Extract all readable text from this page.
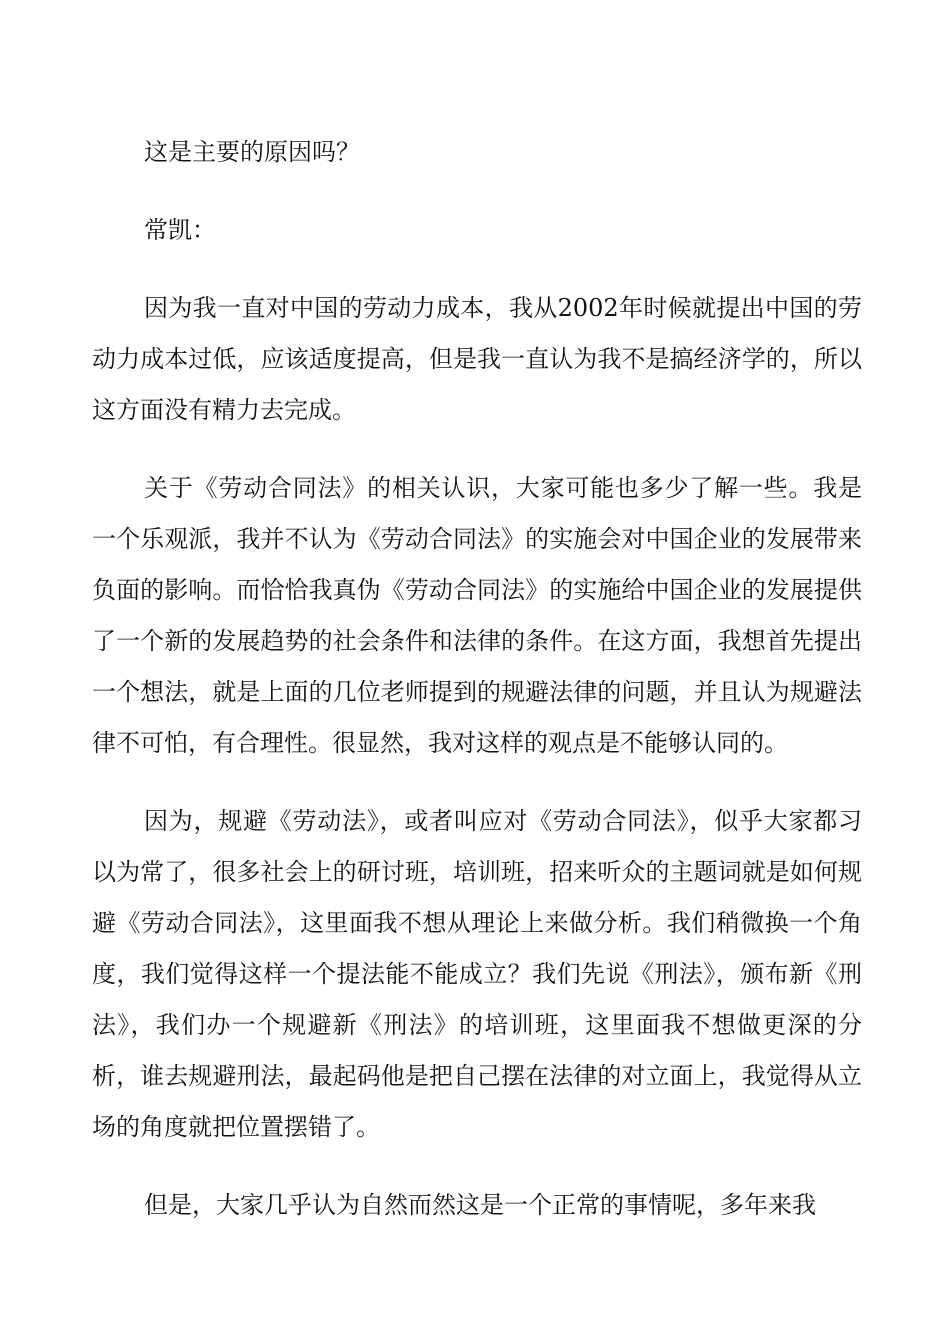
这是主要的原因吗？

常凯：

因为我一直对中国的劳动力成本，我从2002年时候就提出中国的劳动力成本过低，应该适度提高，但是我一直认为我不是搞经济学的，所以这方面没有精力去完成。

关于《劳动合同法》的相关认识，大家可能也多少了解一些。我是一个乐观派，我并不认为《劳动合同法》的实施会对中国企业的发展带来负面的影响。而恰恰我真伪《劳动合同法》的实施给中国企业的发展提供了一个新的发展趋势的社会条件和法律的条件。在这方面，我想首先提出一个想法，就是上面的几位老师提到的规避法律的问题，并且认为规避法律不可怕，有合理性。很显然，我对这样的观点是不能够认同的。

因为，规避《劳动法》，或者叫应对《劳动合同法》，似乎大家都习以为常了，很多社会上的研讨班，培训班，招来听众的主题词就是如何规避《劳动合同法》，这里面我不想从理论上来做分析。我们稍微换一个角度，我们觉得这样一个提法能不能成立？我们先说《刑法》，颁布新《刑法》，我们办一个规避新《刑法》的培训班，这里面我不想做更深的分析，谁去规避刑法，最起码他是把自己摆在法律的对立面上，我觉得从立场的角度就把位置摆错了。

但是，大家几乎认为自然而然这是一个正常的事情呢，多年来我
